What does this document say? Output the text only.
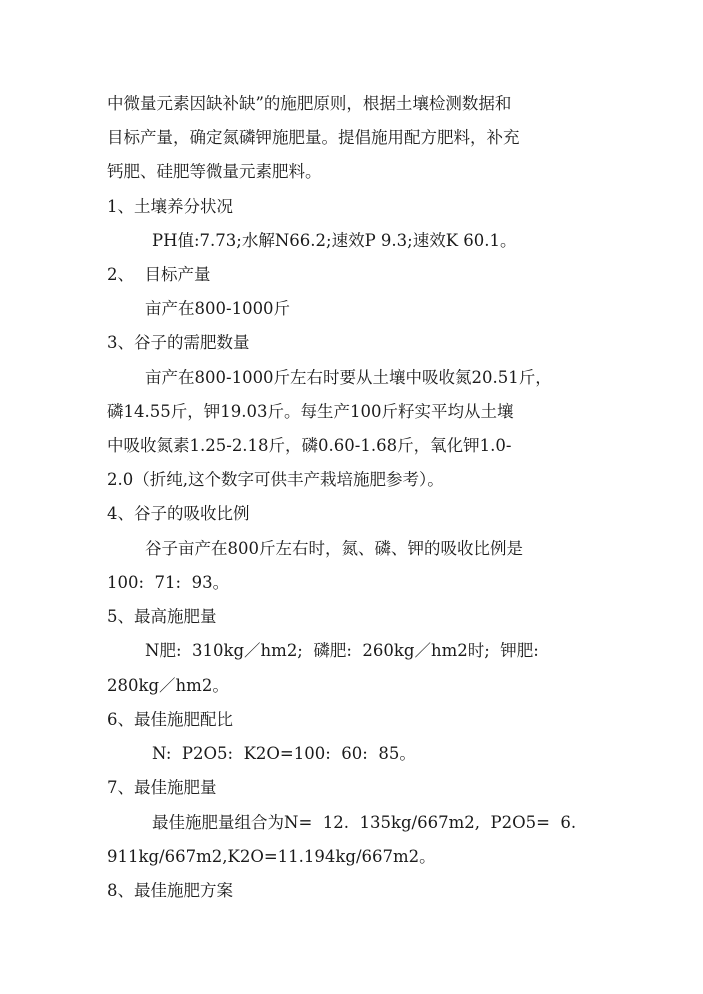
中微量元素因缺补缺”的施肥原则，根据土壤检测数据和
目标产量，确定氮磷钾施肥量。提倡施用配方肥料，补充
钙肥、硅肥等微量元素肥料。
1、土壤养分状况
PH值:7.73;水解N66.2;速效P 9.3;速效K 60.1。
2、  目标产量
亩产在800-1000斤
3、谷子的需肥数量
亩产在800-1000斤左右时要从土壤中吸收氮20.51斤，
磷14.55斤，钾19.03斤。每生产100斤籽实平均从土壤
中吸收氮素1.25-2.18斤，磷0.60-1.68斤，氧化钾1.0-
2.0（折纯,这个数字可供丰产栽培施肥参考）。
4、谷子的吸收比例
谷子亩产在800斤左右时，氮、磷、钾的吸收比例是
100:  71:  93。
5、最高施肥量
N肥:  310kg／hm2;  磷肥:  260kg／hm2时;  钾肥:
280kg／hm2。
6、最佳施肥配比
N:  P2O5:  K2O=100:  60:  85。
7、最佳施肥量
最佳施肥量组合为N=  12.  135kg/667m2,  P2O5=  6.
911kg/667m2,K2O=11.194kg/667m2。
8、最佳施肥方案
